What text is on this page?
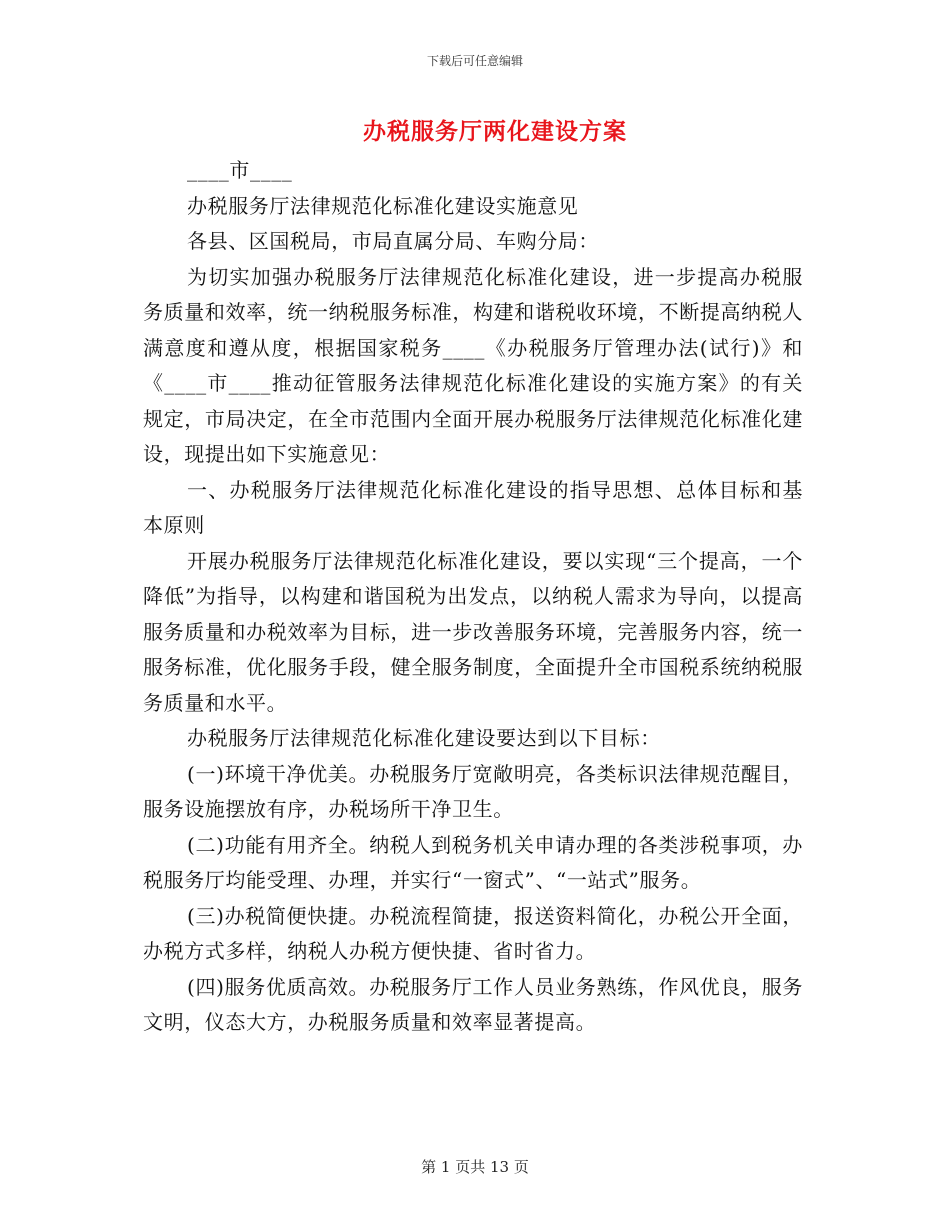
下载后可任意编辑
办税服务厅两化建设方案

____市____

办税服务厅法律规范化标准化建设实施意见

各县、区国税局，市局直属分局、车购分局：

为切实加强办税服务厅法律规范化标准化建设，进一步提高办税服务质量和效率，统一纳税服务标准，构建和谐税收环境，不断提高纳税人满意度和遵从度，根据国家税务____《办税服务厅管理办法(试行)》和《____市____推动征管服务法律规范化标准化建设的实施方案》的有关规定，市局决定，在全市范围内全面开展办税服务厅法律规范化标准化建设，现提出如下实施意见：

一、办税服务厅法律规范化标准化建设的指导思想、总体目标和基本原则

开展办税服务厅法律规范化标准化建设，要以实现“三个提高，一个降低”为指导，以构建和谐国税为出发点，以纳税人需求为导向，以提高服务质量和办税效率为目标，进一步改善服务环境，完善服务内容，统一服务标准，优化服务手段，健全服务制度，全面提升全市国税系统纳税服务质量和水平。

办税服务厅法律规范化标准化建设要达到以下目标：

(一)环境干净优美。办税服务厅宽敞明亮，各类标识法律规范醒目，服务设施摆放有序，办税场所干净卫生。

(二)功能有用齐全。纳税人到税务机关申请办理的各类涉税事项，办税服务厅均能受理、办理，并实行“一窗式”、“一站式”服务。

(三)办税简便快捷。办税流程简捷，报送资料简化，办税公开全面，办税方式多样，纳税人办税方便快捷、省时省力。

(四)服务优质高效。办税服务厅工作人员业务熟练，作风优良，服务文明，仪态大方，办税服务质量和效率显著提高。

第 1 页共 13 页
